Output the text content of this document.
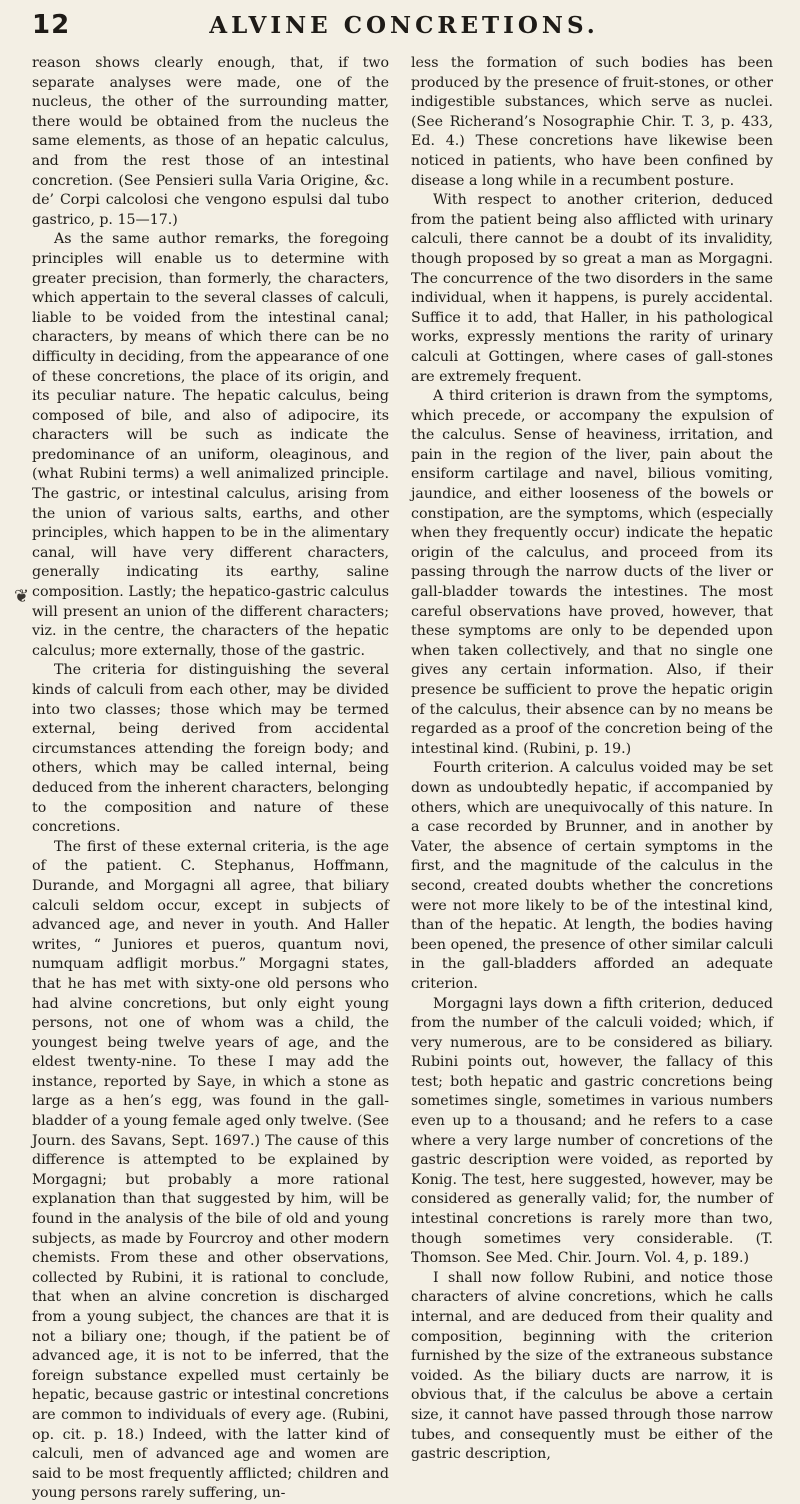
12	ALVINE CONCRETIONS.
❦

reason shows clearly enough, that, if two separate analyses were made, one of the nucleus, the other of the surrounding matter, there would be obtained from the nucleus the same elements, as those of an hepatic calculus, and from the rest those of an intestinal concretion. (See Pensieri sulla Varia Origine, &c. de’ Corpi calcolosi che vengono espulsi dal tubo gastrico, p. 15—17.)

As the same author remarks, the foregoing principles will enable us to determine with greater precision, than formerly, the characters, which appertain to the several classes of calculi, liable to be voided from the intestinal canal; characters, by means of which there can be no difficulty in deciding, from the appearance of one of these concretions, the place of its origin, and its peculiar nature. The hepatic calculus, being composed of bile, and also of adipocire, its characters will be such as indicate the predominance of an uniform, oleaginous, and (what Rubini terms) a well animalized principle. The gastric, or intestinal calculus, arising from the union of various salts, earths, and other principles, which happen to be in the alimentary canal, will have very different characters, generally indicating its earthy, saline composition. Lastly; the hepatico-gastric calculus will present an union of the different characters; viz. in the centre, the characters of the hepatic calculus; more externally, those of the gastric.

The criteria for distinguishing the several kinds of calculi from each other, may be divided into two classes; those which may be termed external, being derived from accidental circumstances attending the foreign body; and others, which may be called internal, being deduced from the inherent characters, belonging to the composition and nature of these concretions.

The first of these external criteria, is the age of the patient. C. Stephanus, Hoffmann, Durande, and Morgagni all agree, that biliary calculi seldom occur, except in subjects of advanced age, and never in youth. And Haller writes, “ Juniores et pueros, quantum novi, numquam adfligit morbus.” Morgagni states, that he has met with sixty-one old persons who had alvine concretions, but only eight young persons, not one of whom was a child, the youngest being twelve years of age, and the eldest twenty-nine. To these I may add the instance, reported by Saye, in which a stone as large as a hen’s egg, was found in the gall-bladder of a young female aged only twelve. (See Journ. des Savans, Sept. 1697.) The cause of this difference is attempted to be explained by Morgagni; but probably a more rational explanation than that suggested by him, will be found in the analysis of the bile of old and young subjects, as made by Fourcroy and other modern chemists. From these and other observations, collected by Rubini, it is rational to conclude, that when an alvine concretion is discharged from a young subject, the chances are that it is not a biliary one; though, if the patient be of advanced age, it is not to be inferred, that the foreign substance expelled must certainly be hepatic, because gastric or intestinal concretions are common to individuals of every age. (Rubini, op. cit. p. 18.) Indeed, with the latter kind of calculi, men of advanced age and women are said to be most frequently afflicted; children and young persons rarely suffering, un-

less the formation of such bodies has been produced by the presence of fruit-stones, or other indigestible substances, which serve as nuclei. (See Richerand’s Nosographie Chir. T. 3, p. 433, Ed. 4.) These concretions have likewise been noticed in patients, who have been confined by disease a long while in a recumbent posture.

With respect to another criterion, deduced from the patient being also afflicted with urinary calculi, there cannot be a doubt of its invalidity, though proposed by so great a man as Morgagni. The concurrence of the two disorders in the same individual, when it happens, is purely accidental. Suffice it to add, that Haller, in his pathological works, expressly mentions the rarity of urinary calculi at Gottingen, where cases of gall-stones are extremely frequent.

A third criterion is drawn from the symptoms, which precede, or accompany the expulsion of the calculus. Sense of heaviness, irritation, and pain in the region of the liver, pain about the ensiform cartilage and navel, bilious vomiting, jaundice, and either looseness of the bowels or constipation, are the symptoms, which (especially when they frequently occur) indicate the hepatic origin of the calculus, and proceed from its passing through the narrow ducts of the liver or gall-bladder towards the intestines. The most careful observations have proved, however, that these symptoms are only to be depended upon when taken collectively, and that no single one gives any certain information. Also, if their presence be sufficient to prove the hepatic origin of the calculus, their absence can by no means be regarded as a proof of the concretion being of the intestinal kind. (Rubini, p. 19.)

Fourth criterion. A calculus voided may be set down as undoubtedly hepatic, if accompanied by others, which are unequivocally of this nature. In a case recorded by Brunner, and in another by Vater, the absence of certain symptoms in the first, and the magnitude of the calculus in the second, created doubts whether the concretions were not more likely to be of the intestinal kind, than of the hepatic. At length, the bodies having been opened, the presence of other similar calculi in the gall-bladders afforded an adequate criterion.

Morgagni lays down a fifth criterion, deduced from the number of the calculi voided; which, if very numerous, are to be considered as biliary. Rubini points out, however, the fallacy of this test; both hepatic and gastric concretions being sometimes single, sometimes in various numbers even up to a thousand; and he refers to a case where a very large number of concretions of the gastric description were voided, as reported by Konig. The test, here suggested, however, may be considered as generally valid; for, the number of intestinal concretions is rarely more than two, though sometimes very considerable. (T. Thomson. See Med. Chir. Journ. Vol. 4, p. 189.)

I shall now follow Rubini, and notice those characters of alvine concretions, which he calls internal, and are deduced from their quality and composition, beginning with the criterion furnished by the size of the extraneous substance voided. As the biliary ducts are narrow, it is obvious that, if the calculus be above a certain size, it cannot have passed through those narrow tubes, and consequently must be either of the gastric description,
